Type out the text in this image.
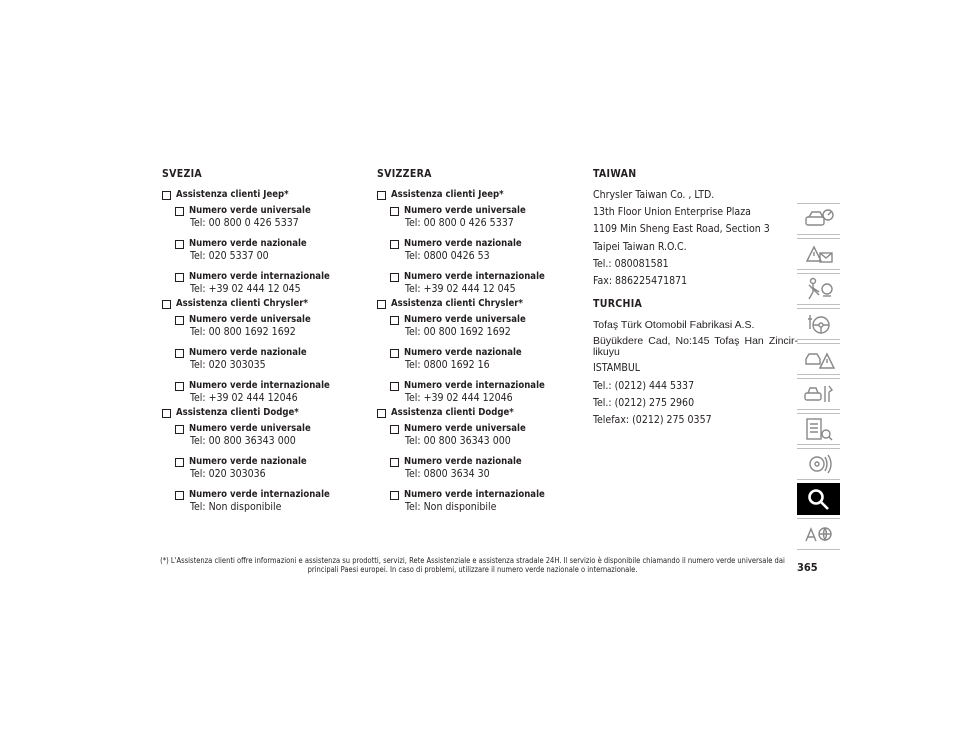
SVEZIA
Assistenza clienti Jeep*
Numero verde universale
Tel: 00 800 0 426 5337
Numero verde nazionale
Tel: 020 5337 00
Numero verde internazionale
Tel: +39 02 444 12 045
Assistenza clienti Chrysler*
Numero verde universale
Tel: 00 800 1692 1692
Numero verde nazionale
Tel: 020 303035
Numero verde internazionale
Tel: +39 02 444 12046
Assistenza clienti Dodge*
Numero verde universale
Tel: 00 800 36343 000
Numero verde nazionale
Tel: 020 303036
Numero verde internazionale
Tel: Non disponibile
SVIZZERA
Assistenza clienti Jeep*
Numero verde universale
Tel: 00 800 0 426 5337
Numero verde nazionale
Tel: 0800 0426 53
Numero verde internazionale
Tel: +39 02 444 12 045
Assistenza clienti Chrysler*
Numero verde universale
Tel: 00 800 1692 1692
Numero verde nazionale
Tel: 0800 1692 16
Numero verde internazionale
Tel: +39 02 444 12046
Assistenza clienti Dodge*
Numero verde universale
Tel: 00 800 36343 000
Numero verde nazionale
Tel: 0800 3634 30
Numero verde internazionale
Tel: Non disponibile
TAIWAN
Chrysler Taiwan Co. , LTD.
13th Floor Union Enterprise Plaza
1109 Min Sheng East Road, Section 3
Taipei Taiwan R.O.C.
Tel.: 080081581
Fax: 886225471871
TURCHIA
Tofaş Türk Otomobil Fabrikasi A.S.
Büyükdere Cad, No:145 Tofaş Han Zincir-likuyu
ISTAMBUL
Tel.: (0212) 444 5337
Tel.: (0212) 275 2960
Telefax: (0212) 275 0357
(*) L'Assistenza clienti offre informazioni e assistenza su prodotti, servizi, Rete Assistenziale e assistenza stradale 24H. Il servizio è disponibile chiamando il numero verde universale dai principali Paesi europei. In caso di problemi, utilizzare il numero verde nazionale o internazionale.	365
